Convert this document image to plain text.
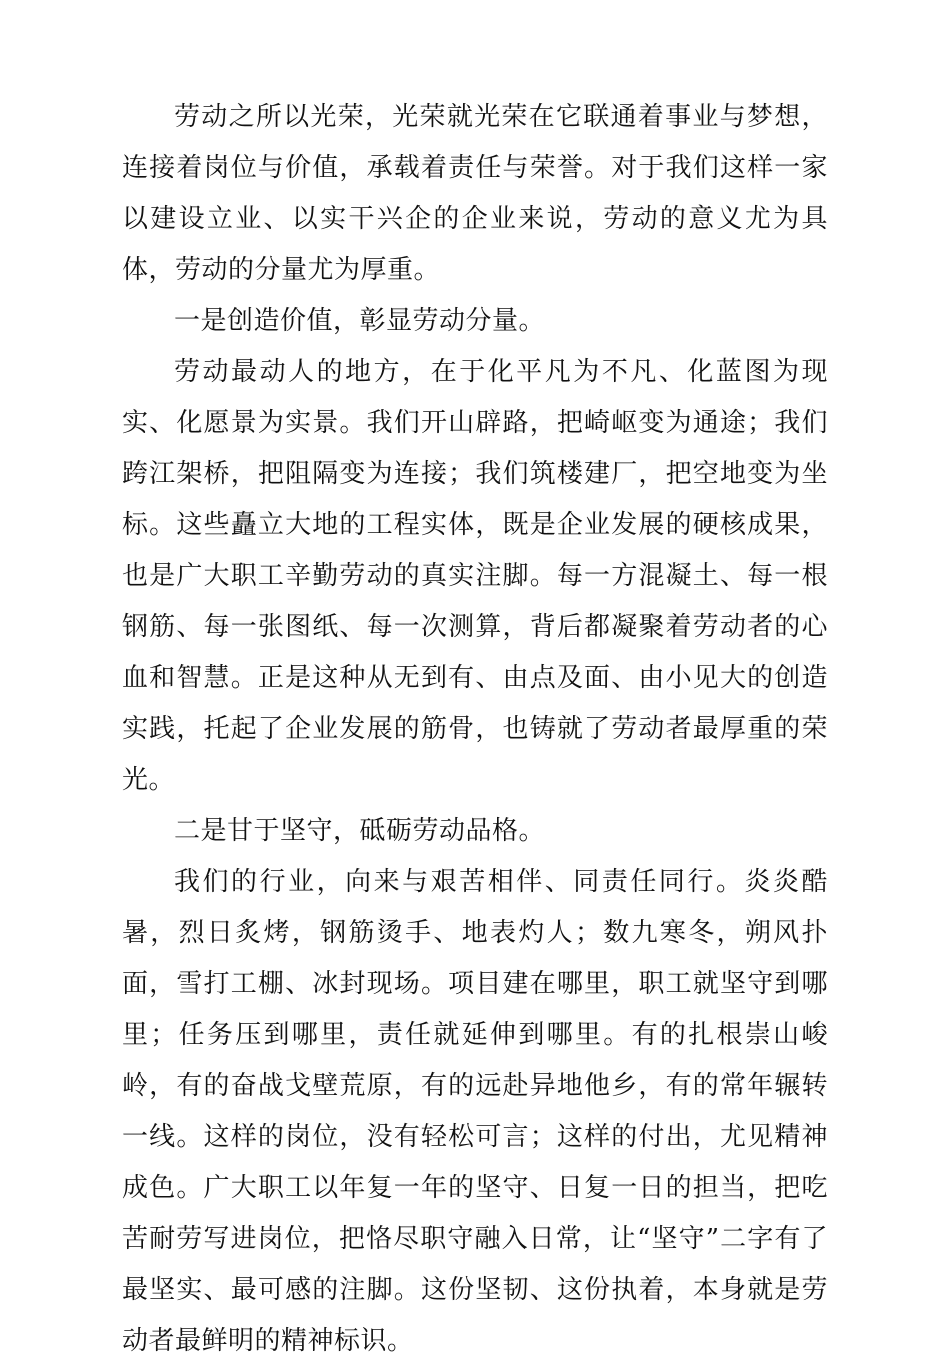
劳动之所以光荣，光荣就光荣在它联通着事业与梦想，连接着岗位与价值，承载着责任与荣誉。对于我们这样一家以建设立业、以实干兴企的企业来说，劳动的意义尤为具体，劳动的分量尤为厚重。

一是创造价值，彰显劳动分量。

劳动最动人的地方，在于化平凡为不凡、化蓝图为现实、化愿景为实景。我们开山辟路，把崎岖变为通途；我们跨江架桥，把阻隔变为连接；我们筑楼建厂，把空地变为坐标。这些矗立大地的工程实体，既是企业发展的硬核成果，也是广大职工辛勤劳动的真实注脚。每一方混凝土、每一根钢筋、每一张图纸、每一次测算，背后都凝聚着劳动者的心血和智慧。正是这种从无到有、由点及面、由小见大的创造实践，托起了企业发展的筋骨，也铸就了劳动者最厚重的荣光。

二是甘于坚守，砥砺劳动品格。

我们的行业，向来与艰苦相伴、同责任同行。炎炎酷暑，烈日炙烤，钢筋烫手、地表灼人；数九寒冬，朔风扑面，雪打工棚、冰封现场。项目建在哪里，职工就坚守到哪里；任务压到哪里，责任就延伸到哪里。有的扎根崇山峻岭，有的奋战戈壁荒原，有的远赴异地他乡，有的常年辗转一线。这样的岗位，没有轻松可言；这样的付出，尤见精神成色。广大职工以年复一年的坚守、日复一日的担当，把吃苦耐劳写进岗位，把恪尽职守融入日常，让“坚守”二字有了最坚实、最可感的注脚。这份坚韧、这份执着，本身就是劳动者最鲜明的精神标识。
